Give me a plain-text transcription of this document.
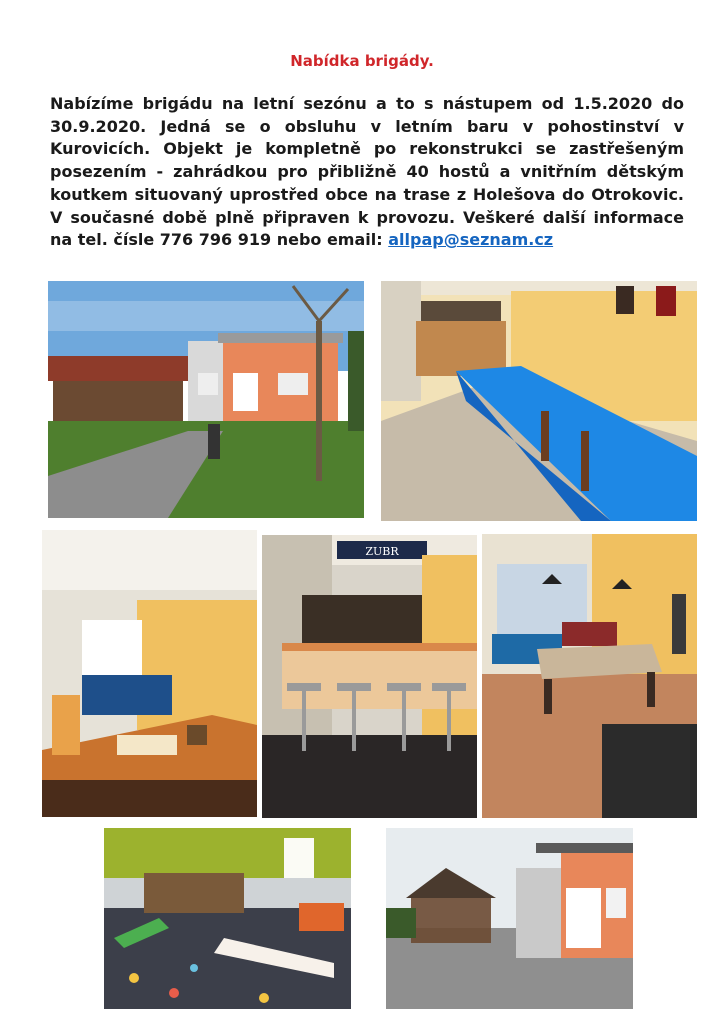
Nabídka brigády.
Nabízíme brigádu na letní sezónu a to s nástupem od 1.5.2020 do 30.9.2020. Jedná se o obsluhu v letním baru v pohostinství v Kurovicích. Objekt je kompletně po rekonstrukci se zastřešeným posezením - zahrádkou pro přibližně 40 hostů a vnitřním dětským koutkem situovaný uprostřed obce na trase z Holešova do Otrokovic. V současné době plně připraven k provozu. Veškeré další informace na tel. čísle 776 796 919 nebo email: allpap@seznam.cz
ZUBR
